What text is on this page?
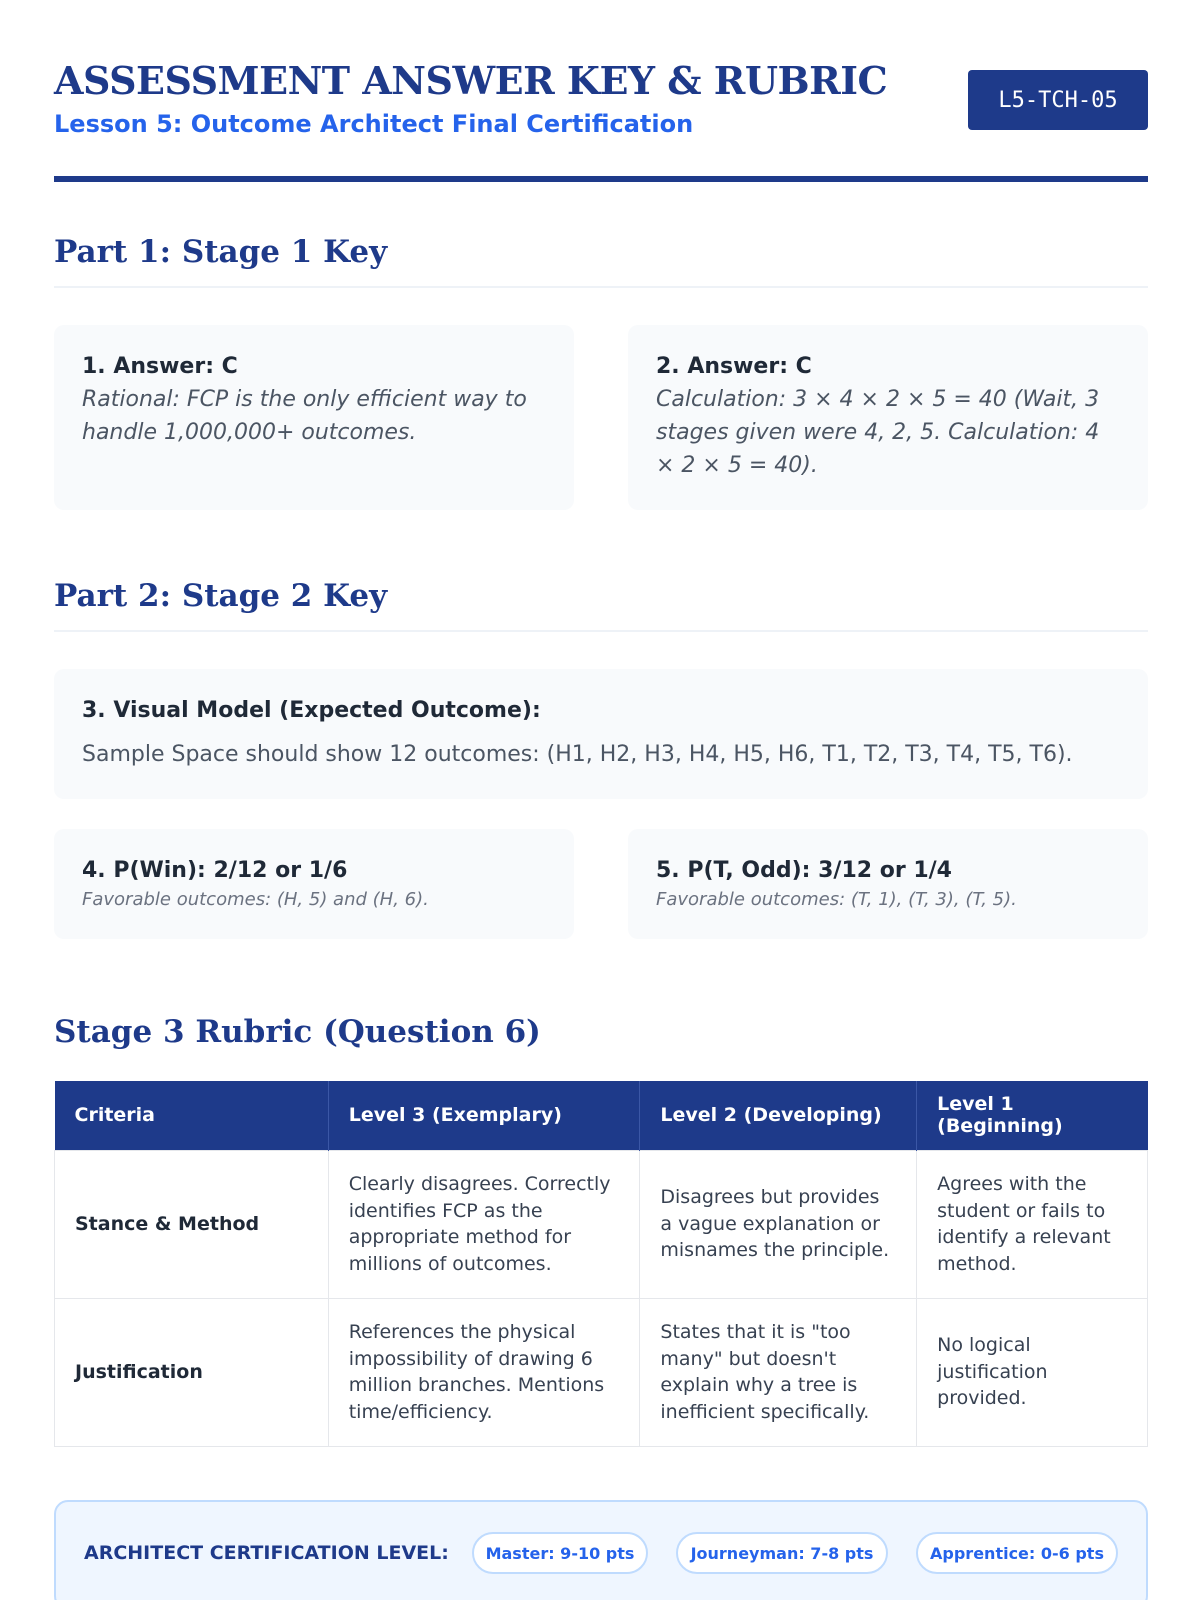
ASSESSMENT ANSWER KEY & RUBRIC
Lesson 5: Outcome Architect Final Certification
L5-TCH-05
Part 1: Stage 1 Key
1. Answer: C
Rational: FCP is the only efficient way to handle 1,000,000+ outcomes.
2. Answer: C
Calculation: 3 × 4 × 2 × 5 = 40 (Wait, 3 stages given were 4, 2, 5. Calculation: 4 × 2 × 5 = 40).
Part 2: Stage 2 Key
3. Visual Model (Expected Outcome):
Sample Space should show 12 outcomes: (H1, H2, H3, H4, H5, H6, T1, T2, T3, T4, T5, T6).
4. P(Win): 2/12 or 1/6
Favorable outcomes: (H, 5) and (H, 6).
5. P(T, Odd): 3/12 or 1/4
Favorable outcomes: (T, 1), (T, 3), (T, 5).
Stage 3 Rubric (Question 6)
Criteria	Level 3 (Exemplary)	Level 2 (Developing)	Level 1 (Beginning)
Stance & Method	Clearly disagrees. Correctly identifies FCP as the appropriate method for millions of outcomes.	Disagrees but provides a vague explanation or misnames the principle.	Agrees with the student or fails to identify a relevant method.
Justification	References the physical impossibility of drawing 6 million branches. Mentions time/efficiency.	States that it is "too many" but doesn't explain why a tree is inefficient specifically.	No logical justification provided.
ARCHITECT CERTIFICATION LEVEL:	Master: 9-10 pts	Journeyman: 7-8 pts	Apprentice: 0-6 pts
